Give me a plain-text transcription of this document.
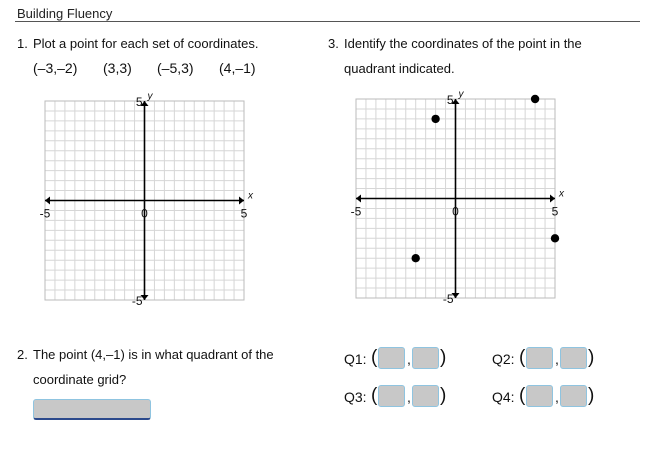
Building Fluency
1. Plot a point for each set of coordinates.
(–3,–2) (3,3) (–5,3) (4,–1)
-5	0	5
5
-5
x
y
2. The point (4,–1) is in what quadrant of the
coordinate grid?
3. Identify the coordinates of the point in the
quadrant indicated.
-5	0	5
5
-5
x
y
Q1: ( , )	Q2: ( , )
Q3: ( , )	Q4: ( , )
